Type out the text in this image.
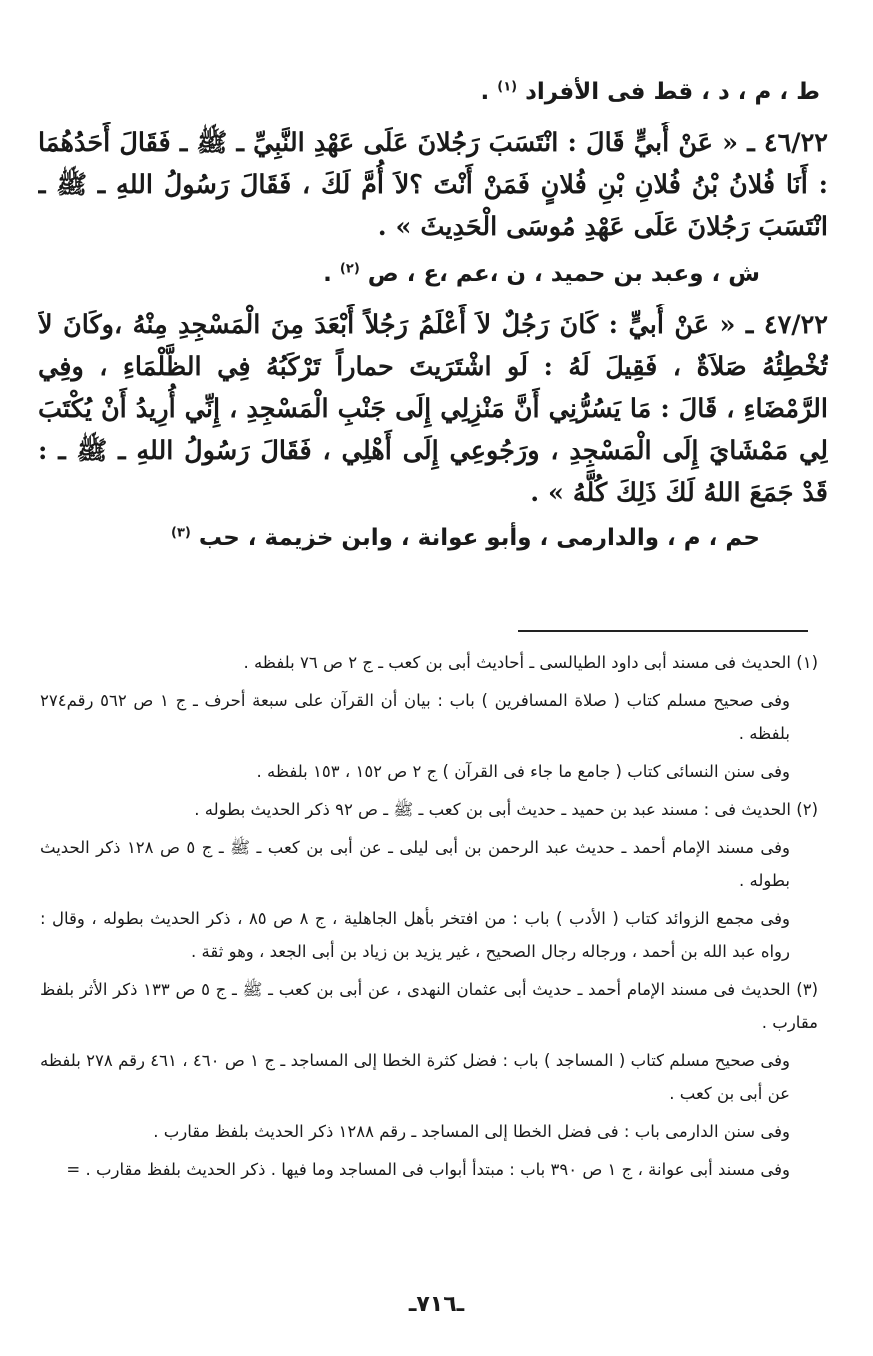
ط ، م ، د ، قط فى الأفراد $^{(١)}$ .
٤٦/٢٢ ـ « عَنْ أُبيٍّ قَالَ : انْتَسَبَ رَجُلانَ عَلَى عَهْدِ النَّبِيِّ ـ ﷺ ـ فَقَالَ أَحَدُهُمَا : أَنَا فُلانُ بْنُ فُلانِ بْنِ فُلانٍ فَمَنْ أَنْتَ ؟لاَ أُمَّ لَكَ ، فَقَالَ رَسُولُ اللهِ ـ ﷺ ـ انْتَسَبَ رَجُلانَ عَلَى عَهْدِ مُوسَى الْحَدِيثَ » .
ش ، وعبد بن حميد ، ن ،عم ،ع ، ص $^{(٢)}$ .
٤٧/٢٢ ـ « عَنْ أُبيٍّ : كَانَ رَجُلٌ لاَ أَعْلَمُ رَجُلاً أَبْعَدَ مِنَ الْمَسْجِدِ مِنْهُ ،وكَانَ لاَ تُخْطِئُهُ صَلاَةٌ ، فَقِيلَ لَهُ : لَو اشْتَرَيتَ حماراً تَرْكَبُهُ فِي الظَّلْمَاءِ ، وفِي الرَّمْضَاءِ ، قَالَ : مَا يَسُرُّنِي أَنَّ مَنْزِلِي إِلَى جَنْبِ الْمَسْجِدِ ، إِنِّي أُرِيدُ أَنْ يُكْتَبَ لِي مَمْشَايَ إِلَى الْمَسْجِدِ ، ورَجُوعِي إِلَى أَهْلِي ، فَقَالَ رَسُولُ اللهِ ـ ﷺ ـ : قَدْ جَمَعَ اللهُ لَكَ ذَلِكَ كُلَّهُ » .
حم ، م ، والدارمى ، وأبو عوانة ، وابن خزيمة ، حب $^{(٣)}$

(١) الحديث فى مسند أبى داود الطيالسى ـ أحاديث أبى بن كعب ـ ج ٢ ص ٧٦ بلفظه .

وفى صحيح مسلم كتاب ( صلاة المسافرين ) باب : بيان أن القرآن على سبعة أحرف ـ ج ١ ص ٥٦٢ رقم٢٧٤ بلفظه .

وفى سنن النسائى كتاب ( جامع ما جاء فى القرآن ) ج ٢ ص ١٥٢ ، ١٥٣ بلفظه .

(٢) الحديث فى : مسند عبد بن حميد ـ حديث أبى بن كعب ـ ﷺ ـ ص ٩٢ ذكر الحديث بطوله .

وفى مسند الإمام أحمد ـ حديث عبد الرحمن بن أبى ليلى ـ عن أبى بن كعب ـ ﷺ ـ ج ٥ ص ١٢٨ ذكر الحديث بطوله .

وفى مجمع الزوائد كتاب ( الأدب ) باب : من افتخر بأهل الجاهلية ، ج ٨ ص ٨٥ ، ذكر الحديث بطوله ، وقال : رواه عبد الله بن أحمد ، ورجاله رجال الصحيح ، غير يزيد بن زياد بن أبى الجعد ، وهو ثقة .

(٣) الحديث فى مسند الإمام أحمد ـ حديث أبى عثمان النهدى ، عن أبى بن كعب ـ ﷺ ـ ج ٥ ص ١٣٣ ذكر الأثر بلفظ مقارب .

وفى صحيح مسلم كتاب ( المساجد ) باب : فضل كثرة الخطا إلى المساجد ـ ج ١ ص ٤٦٠ ، ٤٦١ رقم ٢٧٨ بلفظه عن أبى بن كعب .

وفى سنن الدارمى باب : فى فضل الخطا إلى المساجد ـ رقم ١٢٨٨ ذكر الحديث بلفظ مقارب .

وفى مسند أبى عوانة ، ج ١ ص ٣٩٠ باب : مبتدأ أبواب فى المساجد وما فيها . ذكر الحديث بلفظ مقارب . =

ـ٧١٦ـ
